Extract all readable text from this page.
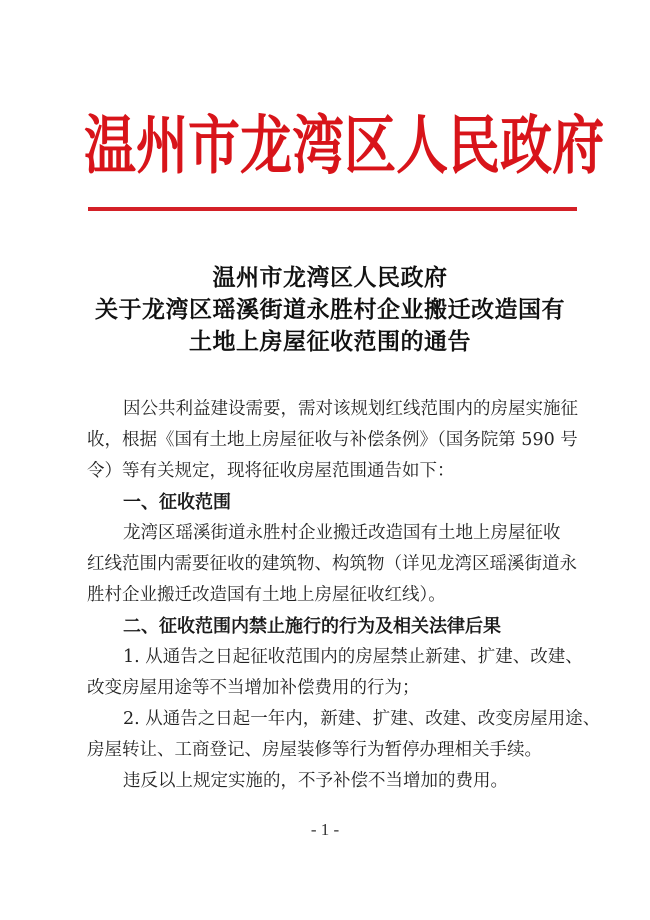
温 州 市 龙 湾 区 人 民 政 府
温州市龙湾区人民政府
关于龙湾区瑶溪街道永胜村企业搬迁改造国有
土地上房屋征收范围的通告
因公共利益建设需要，需对该规划红线范围内的房屋实施征
收，根据《国有土地上房屋征收与补偿条例》（国务院第 590 号
令）等有关规定，现将征收房屋范围通告如下：
一、征收范围
龙湾区瑶溪街道永胜村企业搬迁改造国有土地上房屋征收
红线范围内需要征收的建筑物、构筑物（详见龙湾区瑶溪街道永
胜村企业搬迁改造国有土地上房屋征收红线）。
二、征收范围内禁止施行的行为及相关法律后果
1. 从通告之日起征收范围内的房屋禁止新建、扩建、改建、
改变房屋用途等不当增加补偿费用的行为；
2. 从通告之日起一年内，新建、扩建、改建、改变房屋用途、
房屋转让、工商登记、房屋装修等行为暂停办理相关手续。
违反以上规定实施的，不予补偿不当增加的费用。
- 1 -
